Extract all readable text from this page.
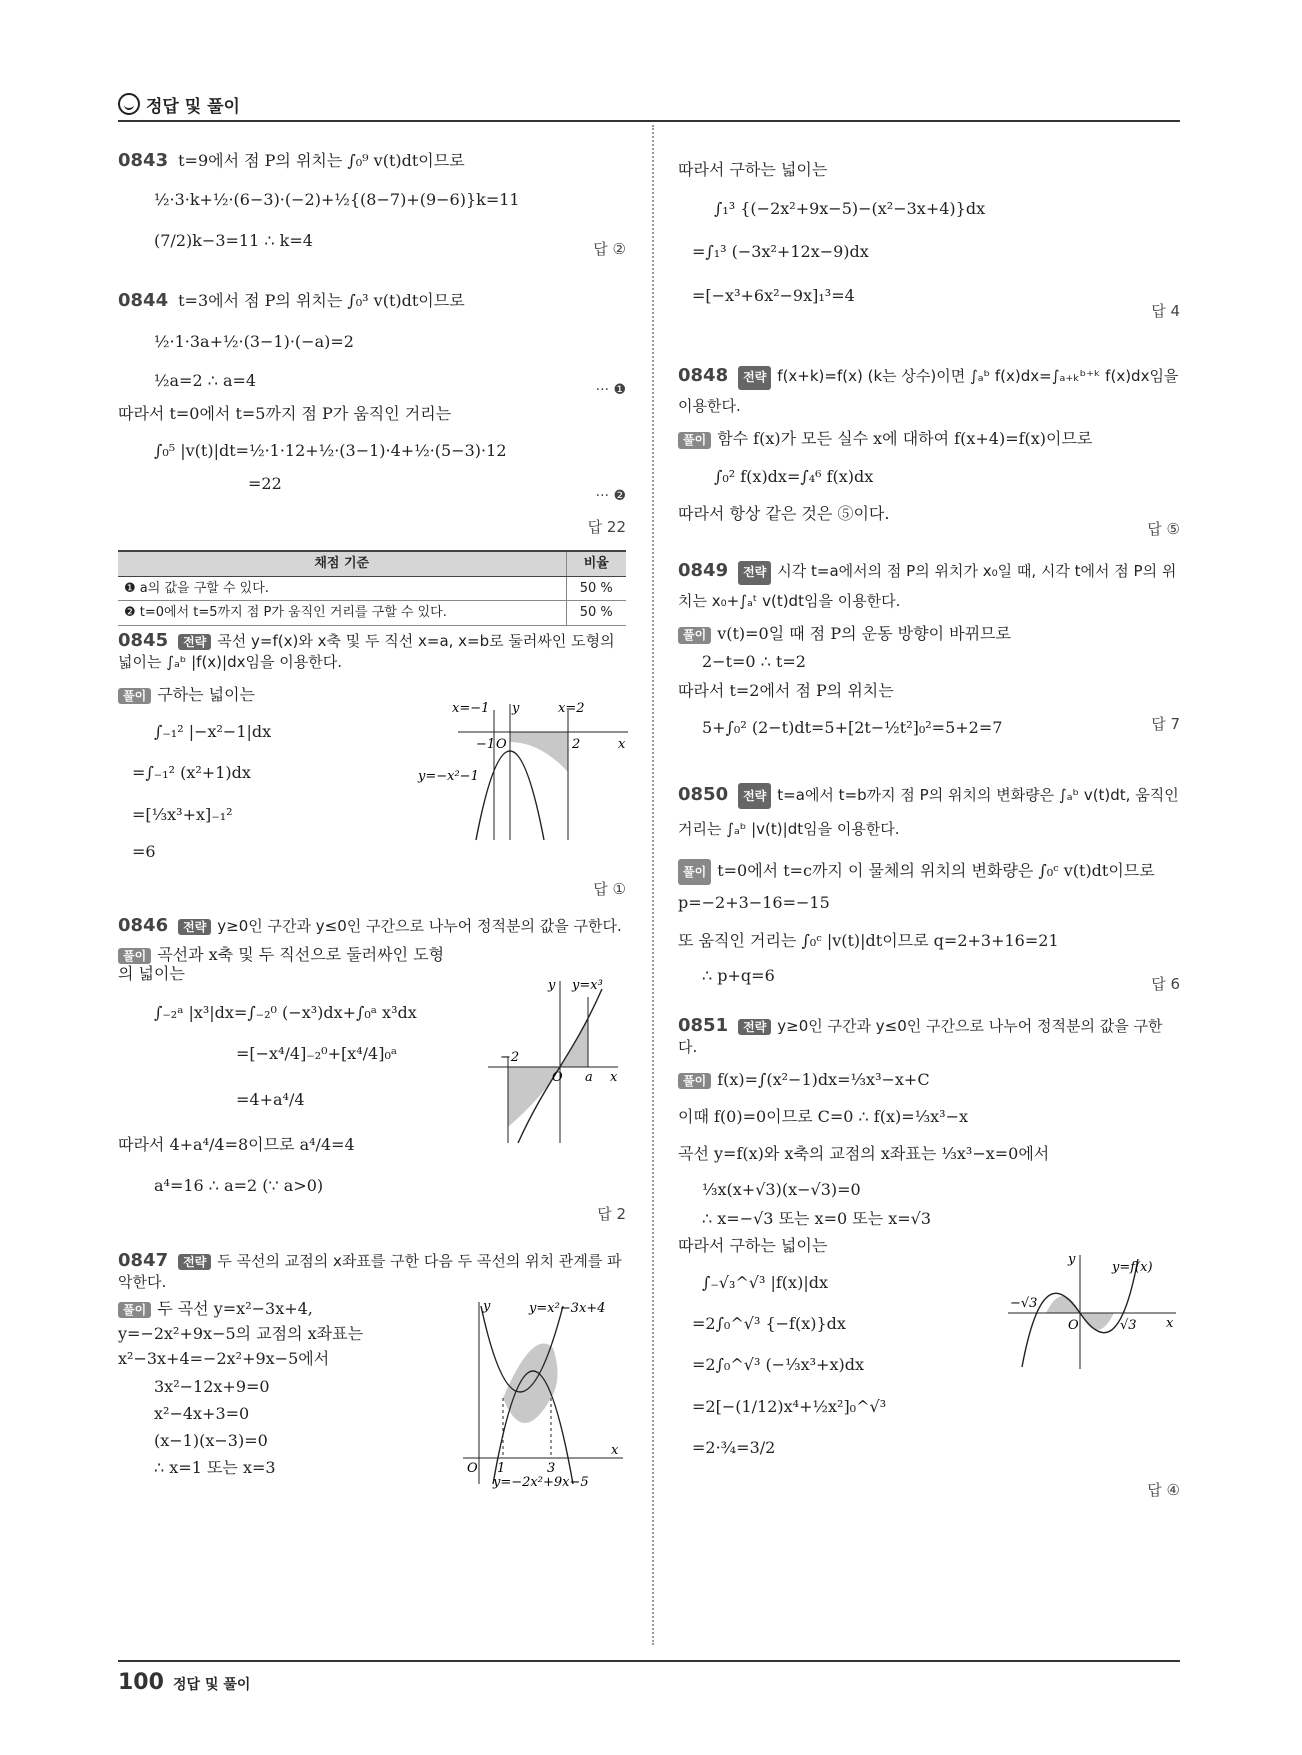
정답 및 풀이
0843 t=9에서 점 P의 위치는 ∫₀⁹ v(t)dt이므로
½·3·k+½·(6−3)·(−2)+½{(8−7)+(9−6)}k=11
(7/2)k−3=11 ∴ k=4	답 ②
0844 t=3에서 점 P의 위치는 ∫₀³ v(t)dt이므로
½·1·3a+½·(3−1)·(−a)=2
½a=2 ∴ a=4
··· ❶
따라서 t=0에서 t=5까지 점 P가 움직인 거리는
∫₀⁵ |v(t)|dt=½·1·12+½·(3−1)·4+½·(5−3)·12
=22
··· ❷
답 22
채점 기준	비율
❶ a의 값을 구할 수 있다.	50 %
❷ t=0에서 t=5까지 점 P가 움직인 거리를 구할 수 있다.	50 %
0845 전략 곡선 y=f(x)와 x축 및 두 직선 x=a, x=b로 둘러싸인 도형의 넓이는 ∫ₐᵇ |f(x)|dx임을 이용한다.
풀이 구하는 넓이는
∫₋₁² |−x²−1|dx
=∫₋₁² (x²+1)dx
=[⅓x³+x]₋₁²
=6
답 ①
x=−1	x=2
y
−1 O	2	x
y=−x²−1
0846 전략 y≥0인 구간과 y≤0인 구간으로 나누어 정적분의 값을 구한다.
풀이 곡선과 x축 및 두 직선으로 둘러싸인 도형의 넓이는
∫₋₂ᵃ |x³|dx=∫₋₂⁰ (−x³)dx+∫₀ᵃ x³dx
=[−x⁴/4]₋₂⁰+[x⁴/4]₀ᵃ
=4+a⁴/4
따라서 4+a⁴/4=8이므로 a⁴/4=4
a⁴=16 ∴ a=2 (∵ a>0)
답 2
y y=x³
−2
O a x
0847 전략 두 곡선의 교점의 x좌표를 구한 다음 두 곡선의 위치 관계를 파악한다.
풀이 두 곡선 y=x²−3x+4,
y=−2x²+9x−5의 교점의 x좌표는
x²−3x+4=−2x²+9x−5에서
3x²−12x+9=0
x²−4x+3=0
(x−1)(x−3)=0
∴ x=1 또는 x=3
y	y=x²−3x+4
O 1	3
x
y=−2x²+9x−5
따라서 구하는 넓이는
∫₁³ {(−2x²+9x−5)−(x²−3x+4)}dx
=∫₁³ (−3x²+12x−9)dx
=[−x³+6x²−9x]₁³=4
답 4
0848 전략 f(x+k)=f(x) (k는 상수)이면 ∫ₐᵇ f(x)dx=∫ₐ₊ₖᵇ⁺ᵏ f(x)dx임을 이용한다.
풀이 함수 f(x)가 모든 실수 x에 대하여 f(x+4)=f(x)이므로
∫₀² f(x)dx=∫₄⁶ f(x)dx
따라서 항상 같은 것은 ⑤이다.
답 ⑤
0849 전략 시각 t=a에서의 점 P의 위치가 x₀일 때, 시각 t에서 점 P의 위치는 x₀+∫ₐᵗ v(t)dt임을 이용한다.
풀이 v(t)=0일 때 점 P의 운동 방향이 바뀌므로
2−t=0 ∴ t=2
따라서 t=2에서 점 P의 위치는
5+∫₀² (2−t)dt=5+[2t−½t²]₀²=5+2=7	답 7
0850 전략 t=a에서 t=b까지 점 P의 위치의 변화량은 ∫ₐᵇ v(t)dt, 움직인 거리는 ∫ₐᵇ |v(t)|dt임을 이용한다.
풀이 t=0에서 t=c까지 이 물체의 위치의 변화량은 ∫₀ᶜ v(t)dt이므로 p=−2+3−16=−15
또 움직인 거리는 ∫₀ᶜ |v(t)|dt이므로 q=2+3+16=21
∴ p+q=6	답 6
0851 전략 y≥0인 구간과 y≤0인 구간으로 나누어 정적분의 값을 구한다.
풀이 f(x)=∫(x²−1)dx=⅓x³−x+C
이때 f(0)=0이므로 C=0 ∴ f(x)=⅓x³−x
곡선 y=f(x)와 x축의 교점의 x좌표는 ⅓x³−x=0에서
⅓x(x+√3)(x−√3)=0
∴ x=−√3 또는 x=0 또는 x=√3
따라서 구하는 넓이는
∫₋√₃^√³ |f(x)|dx
=2∫₀^√³ {−f(x)}dx
=2∫₀^√³ (−⅓x³+x)dx
=2[−(1/12)x⁴+½x²]₀^√³
=2·¾=3/2
답 ④
y
y=f(x)
−√3
O	√3 x
100 정답 및 풀이
